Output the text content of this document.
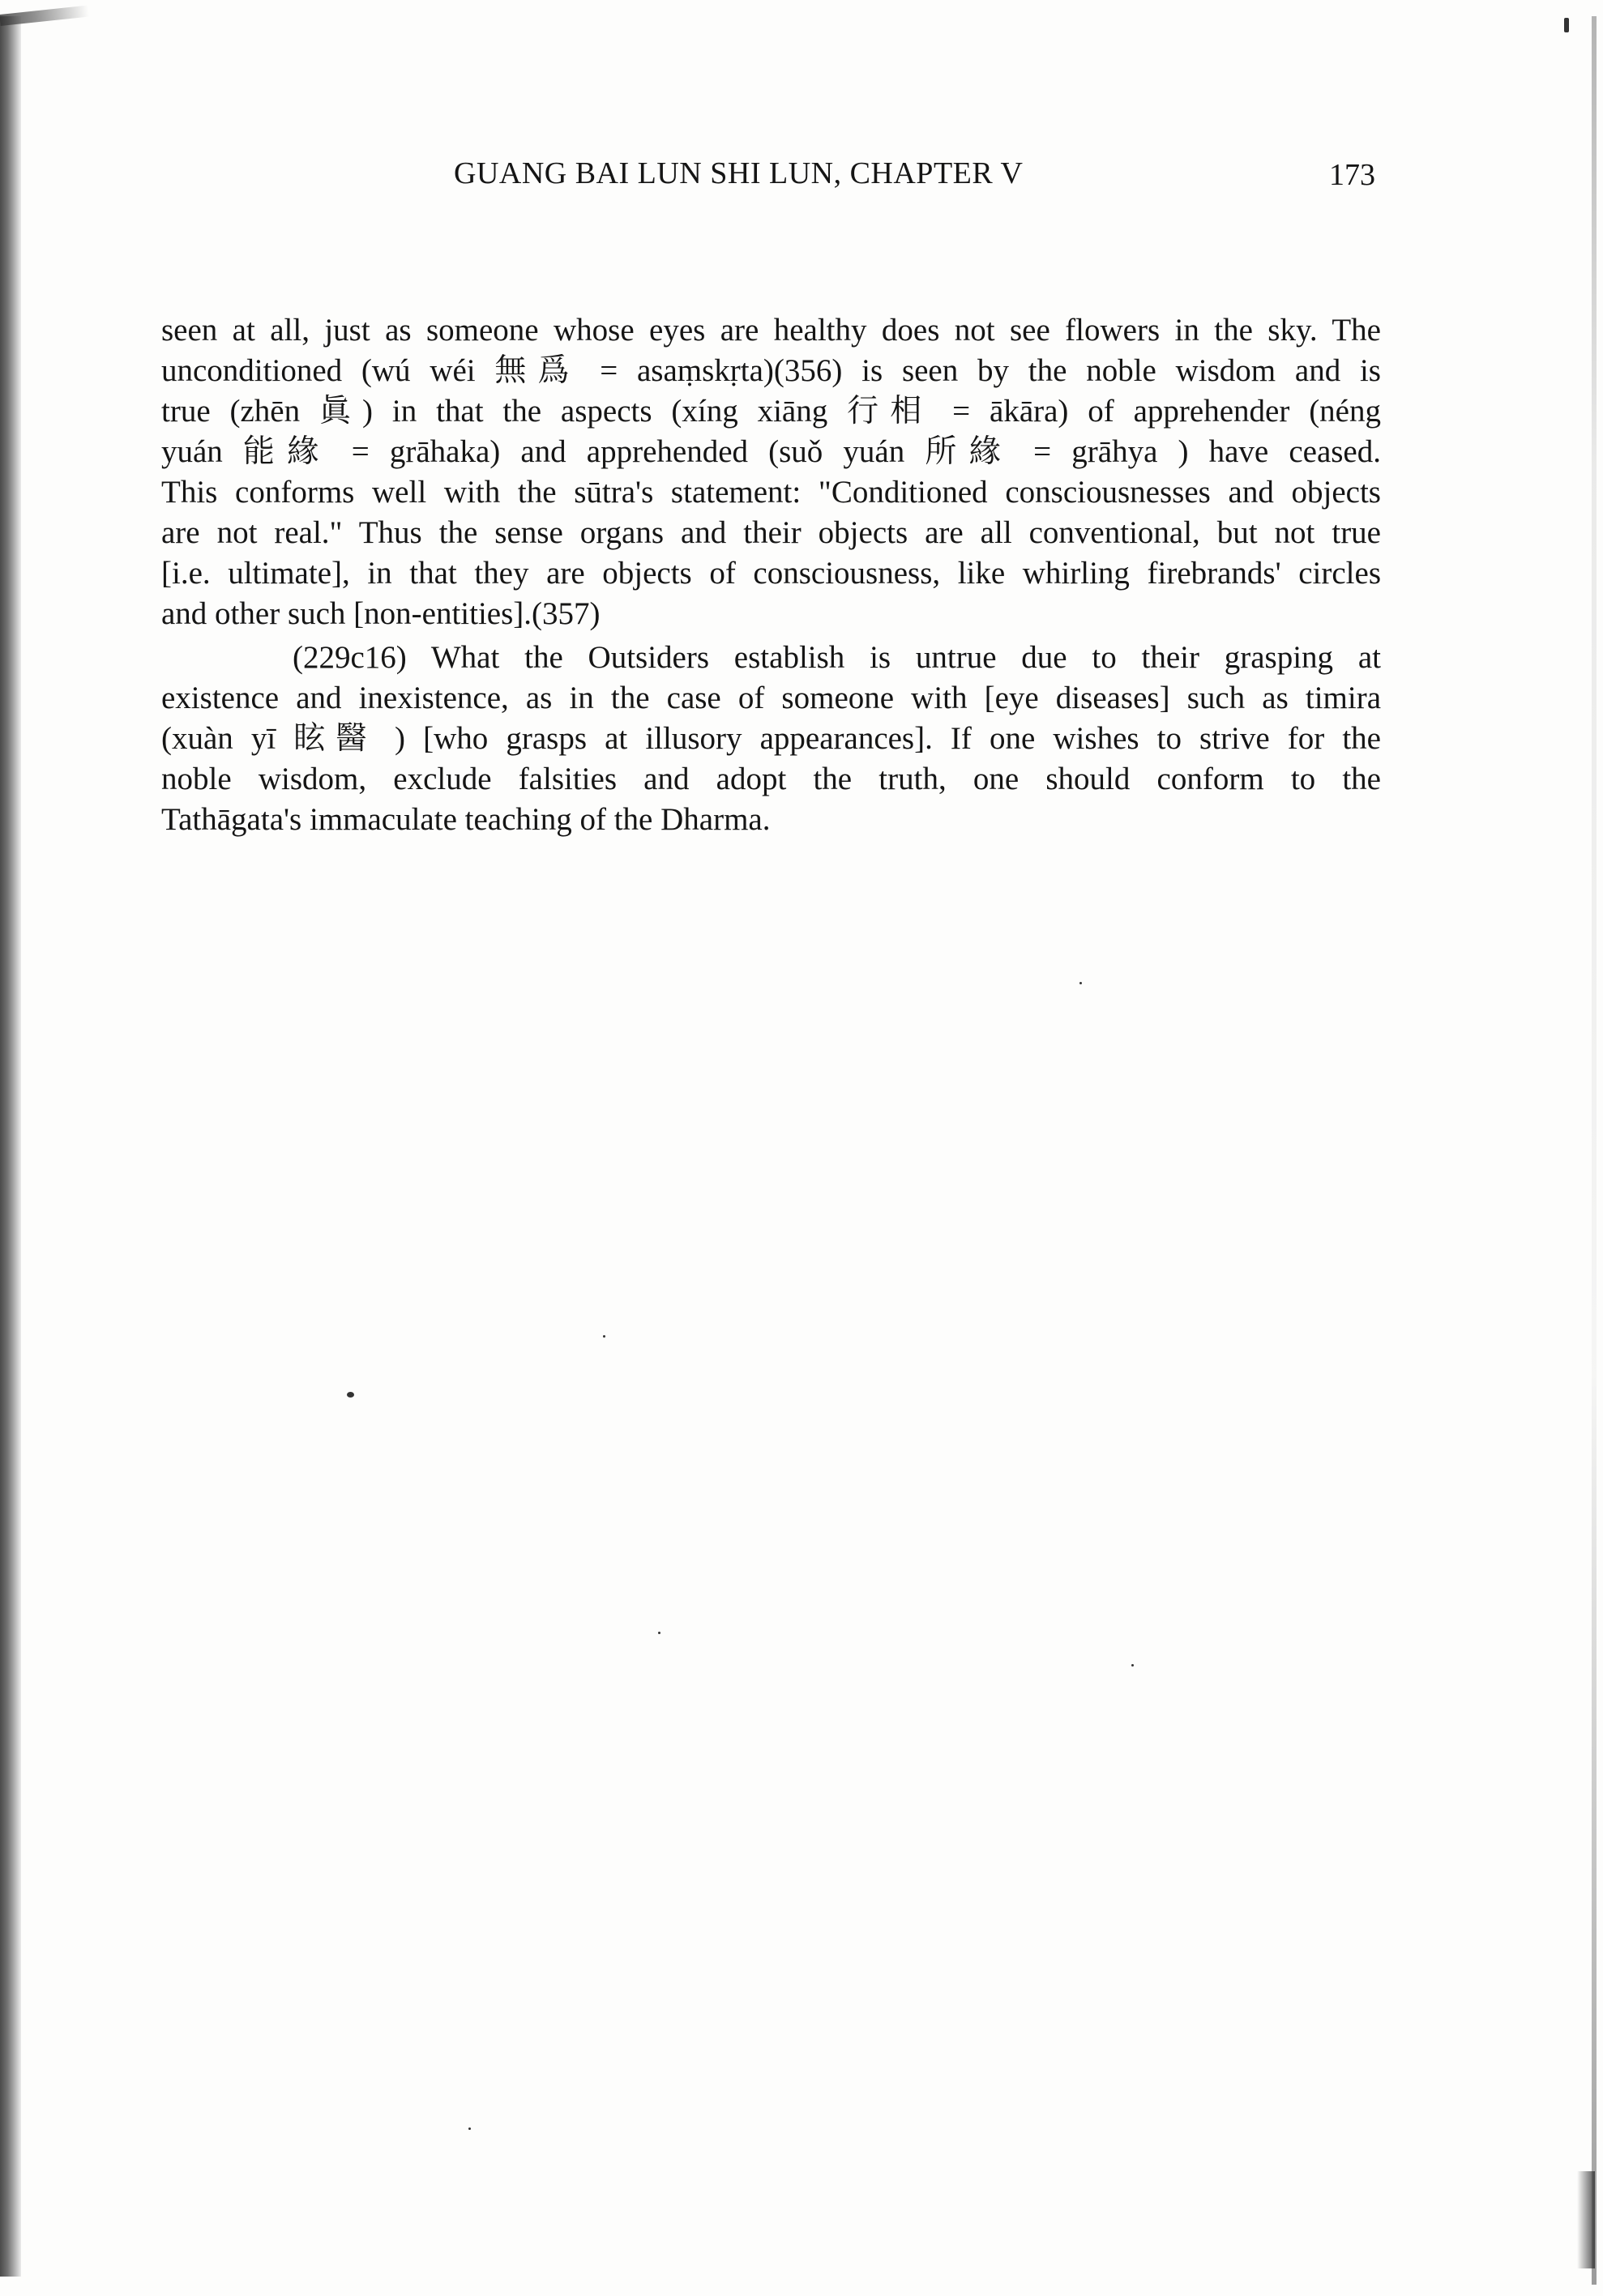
GUANG BAI LUN SHI LUN, CHAPTER V	173
seen at all, just as someone whose eyes are healthy does not see flowers in the sky. The
unconditioned (wú wéi 無爲 = asaṃskṛta)(356) is seen by the noble wisdom and is
true (zhēn 眞) in that the aspects (xíng xiāng 行相 = ākāra) of apprehender (néng
yuán 能緣 = grāhaka) and apprehended (suǒ yuán 所緣 = grāhya ) have ceased.
This conforms well with the sūtra's statement: "Conditioned consciousnesses and objects
are not real." Thus the sense organs and their objects are all conventional, but not true
[i.e. ultimate], in that they are objects of consciousness, like whirling firebrands' circles
and other such [non-entities].(357)
(229c16) What the Outsiders establish is untrue due to their grasping at
existence and inexistence, as in the case of someone with [eye diseases] such as timira
(xuàn yī 眩醫 ) [who grasps at illusory appearances]. If one wishes to strive for the
noble wisdom, exclude falsities and adopt the truth, one should conform to the
Tathāgata's immaculate teaching of the Dharma.
